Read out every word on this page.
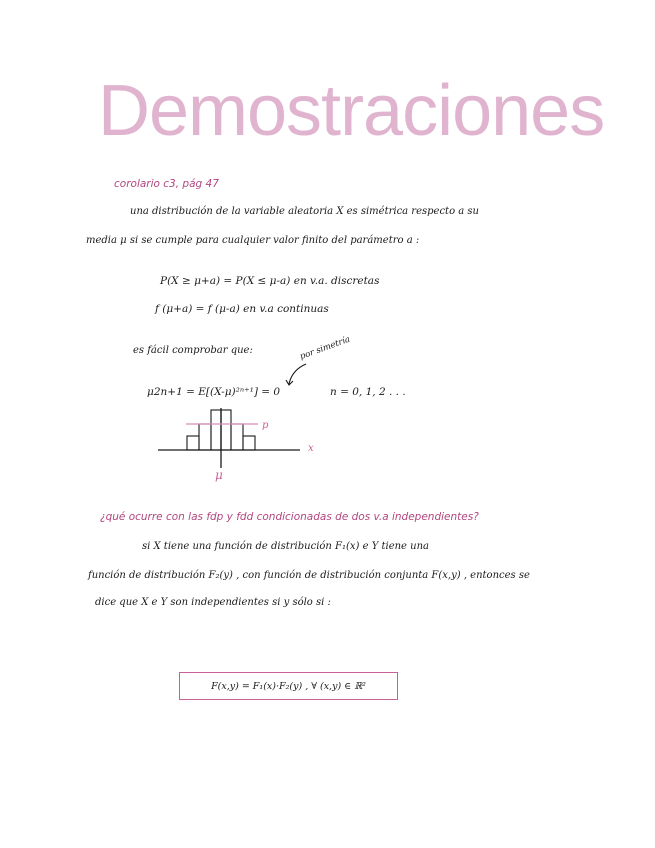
Demostraciones
corolario c3, pág 47
una distribución de la variable aleatoria X es simétrica respecto a su
media μ si se cumple para cualquier valor finito del parámetro a :
P(X ≥ μ+a) = P(X ≤ μ-a) en v.a. discretas
f (μ+a) = f (μ-a) en v.a continuas
es fácil comprobar que:
μ2n+1 = E[(X-μ)²ⁿ⁺¹] = 0	n = 0, 1, 2 . . .
por simetría
p
x
μ
¿qué ocurre con las fdp y fdd condicionadas de dos v.a independientes?
si X tiene una función de distribución F₁(x) e Y tiene una
función de distribución F₂(y) , con función de distribución conjunta F(x,y) , entonces se
dice que X e Y son independientes si y sólo si :
F(x,y) = F₁(x)·F₂(y) , ∀ (x,y) ∈ ℝ²
